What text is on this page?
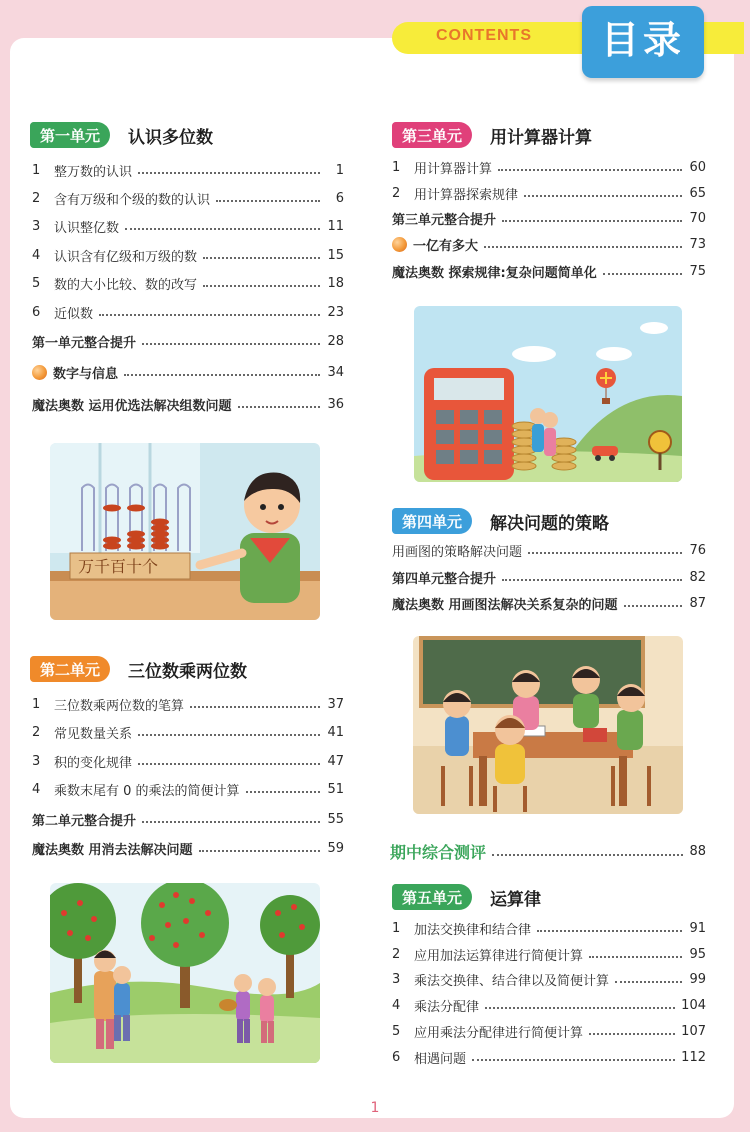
CONTENTS	目录
第一单元	认识多位数
1	整万数的认识	1
2	含有万级和个级的数的认识	6
3	认识整亿数	11
4	认识含有亿级和万级的数	15
5	数的大小比较、数的改写	18
6	近似数	23
第一单元整合提升	28
数字与信息	34
魔法奥数 运用优选法解决组数问题	36
万千百十个
第二单元	三位数乘两位数
1	三位数乘两位数的笔算	37
2	常见数量关系	41
3	积的变化规律	47
4	乘数末尾有 0 的乘法的简便计算	51
第二单元整合提升	55
魔法奥数 用消去法解决问题	59
第三单元	用计算器计算
1	用计算器计算	60
2	用计算器探索规律	65
第三单元整合提升	70
一亿有多大	73
魔法奥数 探索规律:复杂问题简单化	75
第四单元	解决问题的策略
用画图的策略解决问题	76
第四单元整合提升	82
魔法奥数 用画图法解决关系复杂的问题	87
期中综合测评	88
第五单元	运算律
1	加法交换律和结合律	91
2	应用加法运算律进行简便计算	95
3	乘法交换律、结合律以及简便计算	99
4	乘法分配律	104
5	应用乘法分配律进行简便计算	107
6	相遇问题	112
1
